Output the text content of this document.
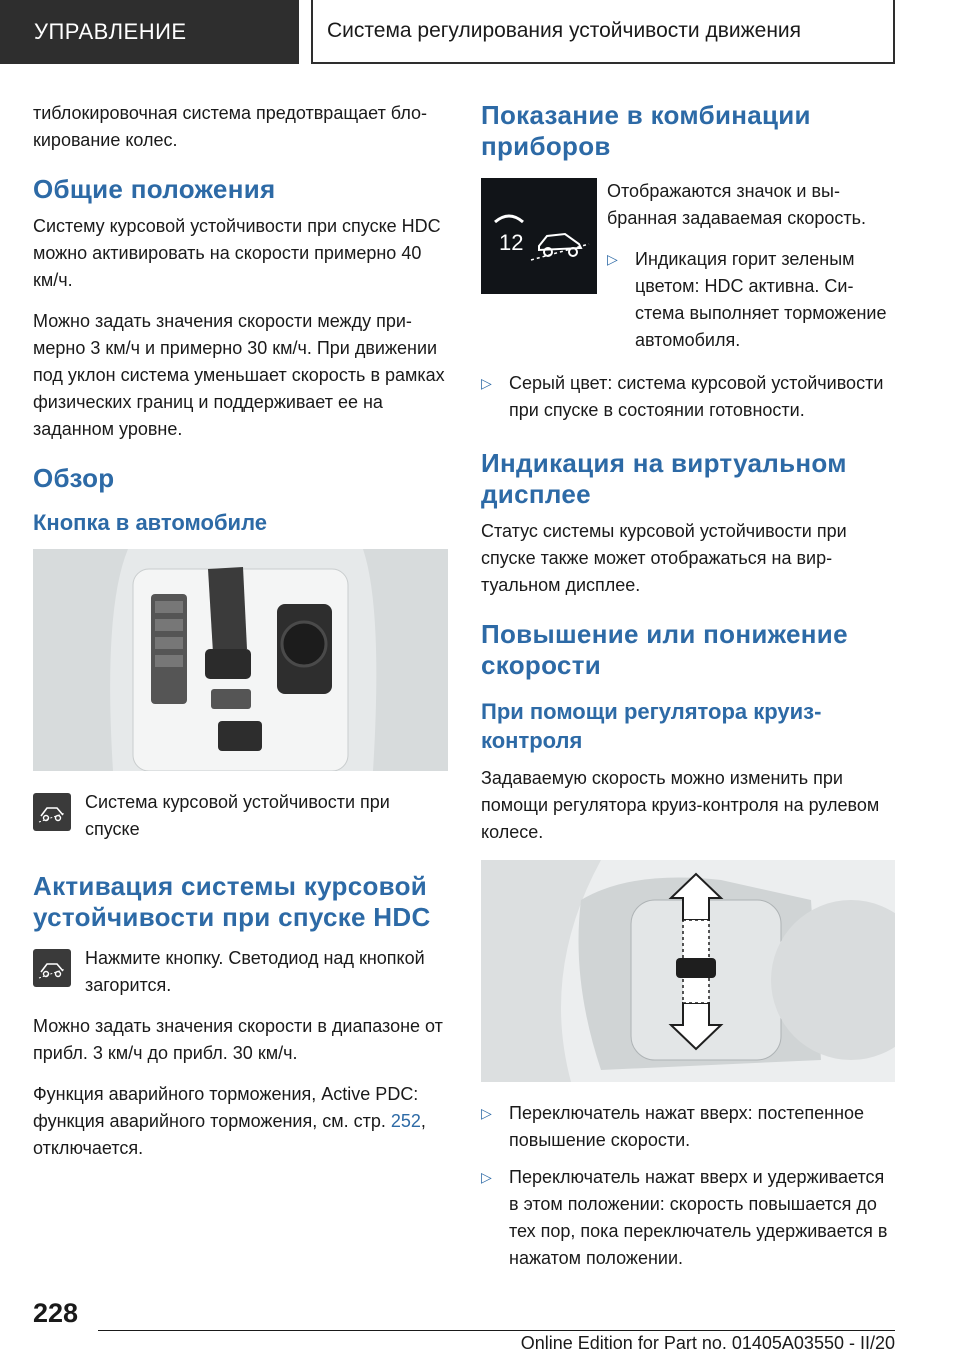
УПРАВЛЕНИЕ	Система регулирования устойчивости движения

тиблокировочная система предотвращает блокирование колес.

Общие положения

Систему курсовой устойчивости при спуске HDC можно активировать на скорости примерно 40 км/ч.

Можно задать значения скорости между примерно 3 км/ч и примерно 30 км/ч. При движении под уклон система уменьшает скорость в рамках физических границ и поддерживает ее на заданном уровне.

Обзор
Кнопка в автомобиле

Система курсовой устойчивости при спуске

Активация системы курсовой устойчивости при спуске HDC

Нажмите кнопку. Светодиод над кнопкой загорится.

Можно задать значения скорости в диапазоне от прибл. 3 км/ч до прибл. 30 км/ч.

Функция аварийного торможения, Active PDC: функция аварийного торможения, см. стр. 252, отключается.

Показание в комбинации приборов
12

Отображаются значок и выбранная задаваемая скорость.

▷ Индикация горит зеленым цветом: HDC активна. Система выполняет торможение автомобиля.

▷ Серый цвет: система курсовой устойчивости при спуске в состоянии готовности.

Индикация на виртуальном дисплее

Статус системы курсовой устойчивости при спуске также может отображаться на виртуальном дисплее.

Повышение или понижение скорости
При помощи регулятора круиз-контроля

Задаваемую скорость можно изменить при помощи регулятора круиз-контроля на рулевом колесе.

▷ Переключатель нажат вверх: постепенное повышение скорости.

▷ Переключатель нажат вверх и удерживается в этом положении: скорость повышается до тех пор, пока переключатель удерживается в нажатом положении.

228
Online Edition for Part no. 01405A03550 - II/20
